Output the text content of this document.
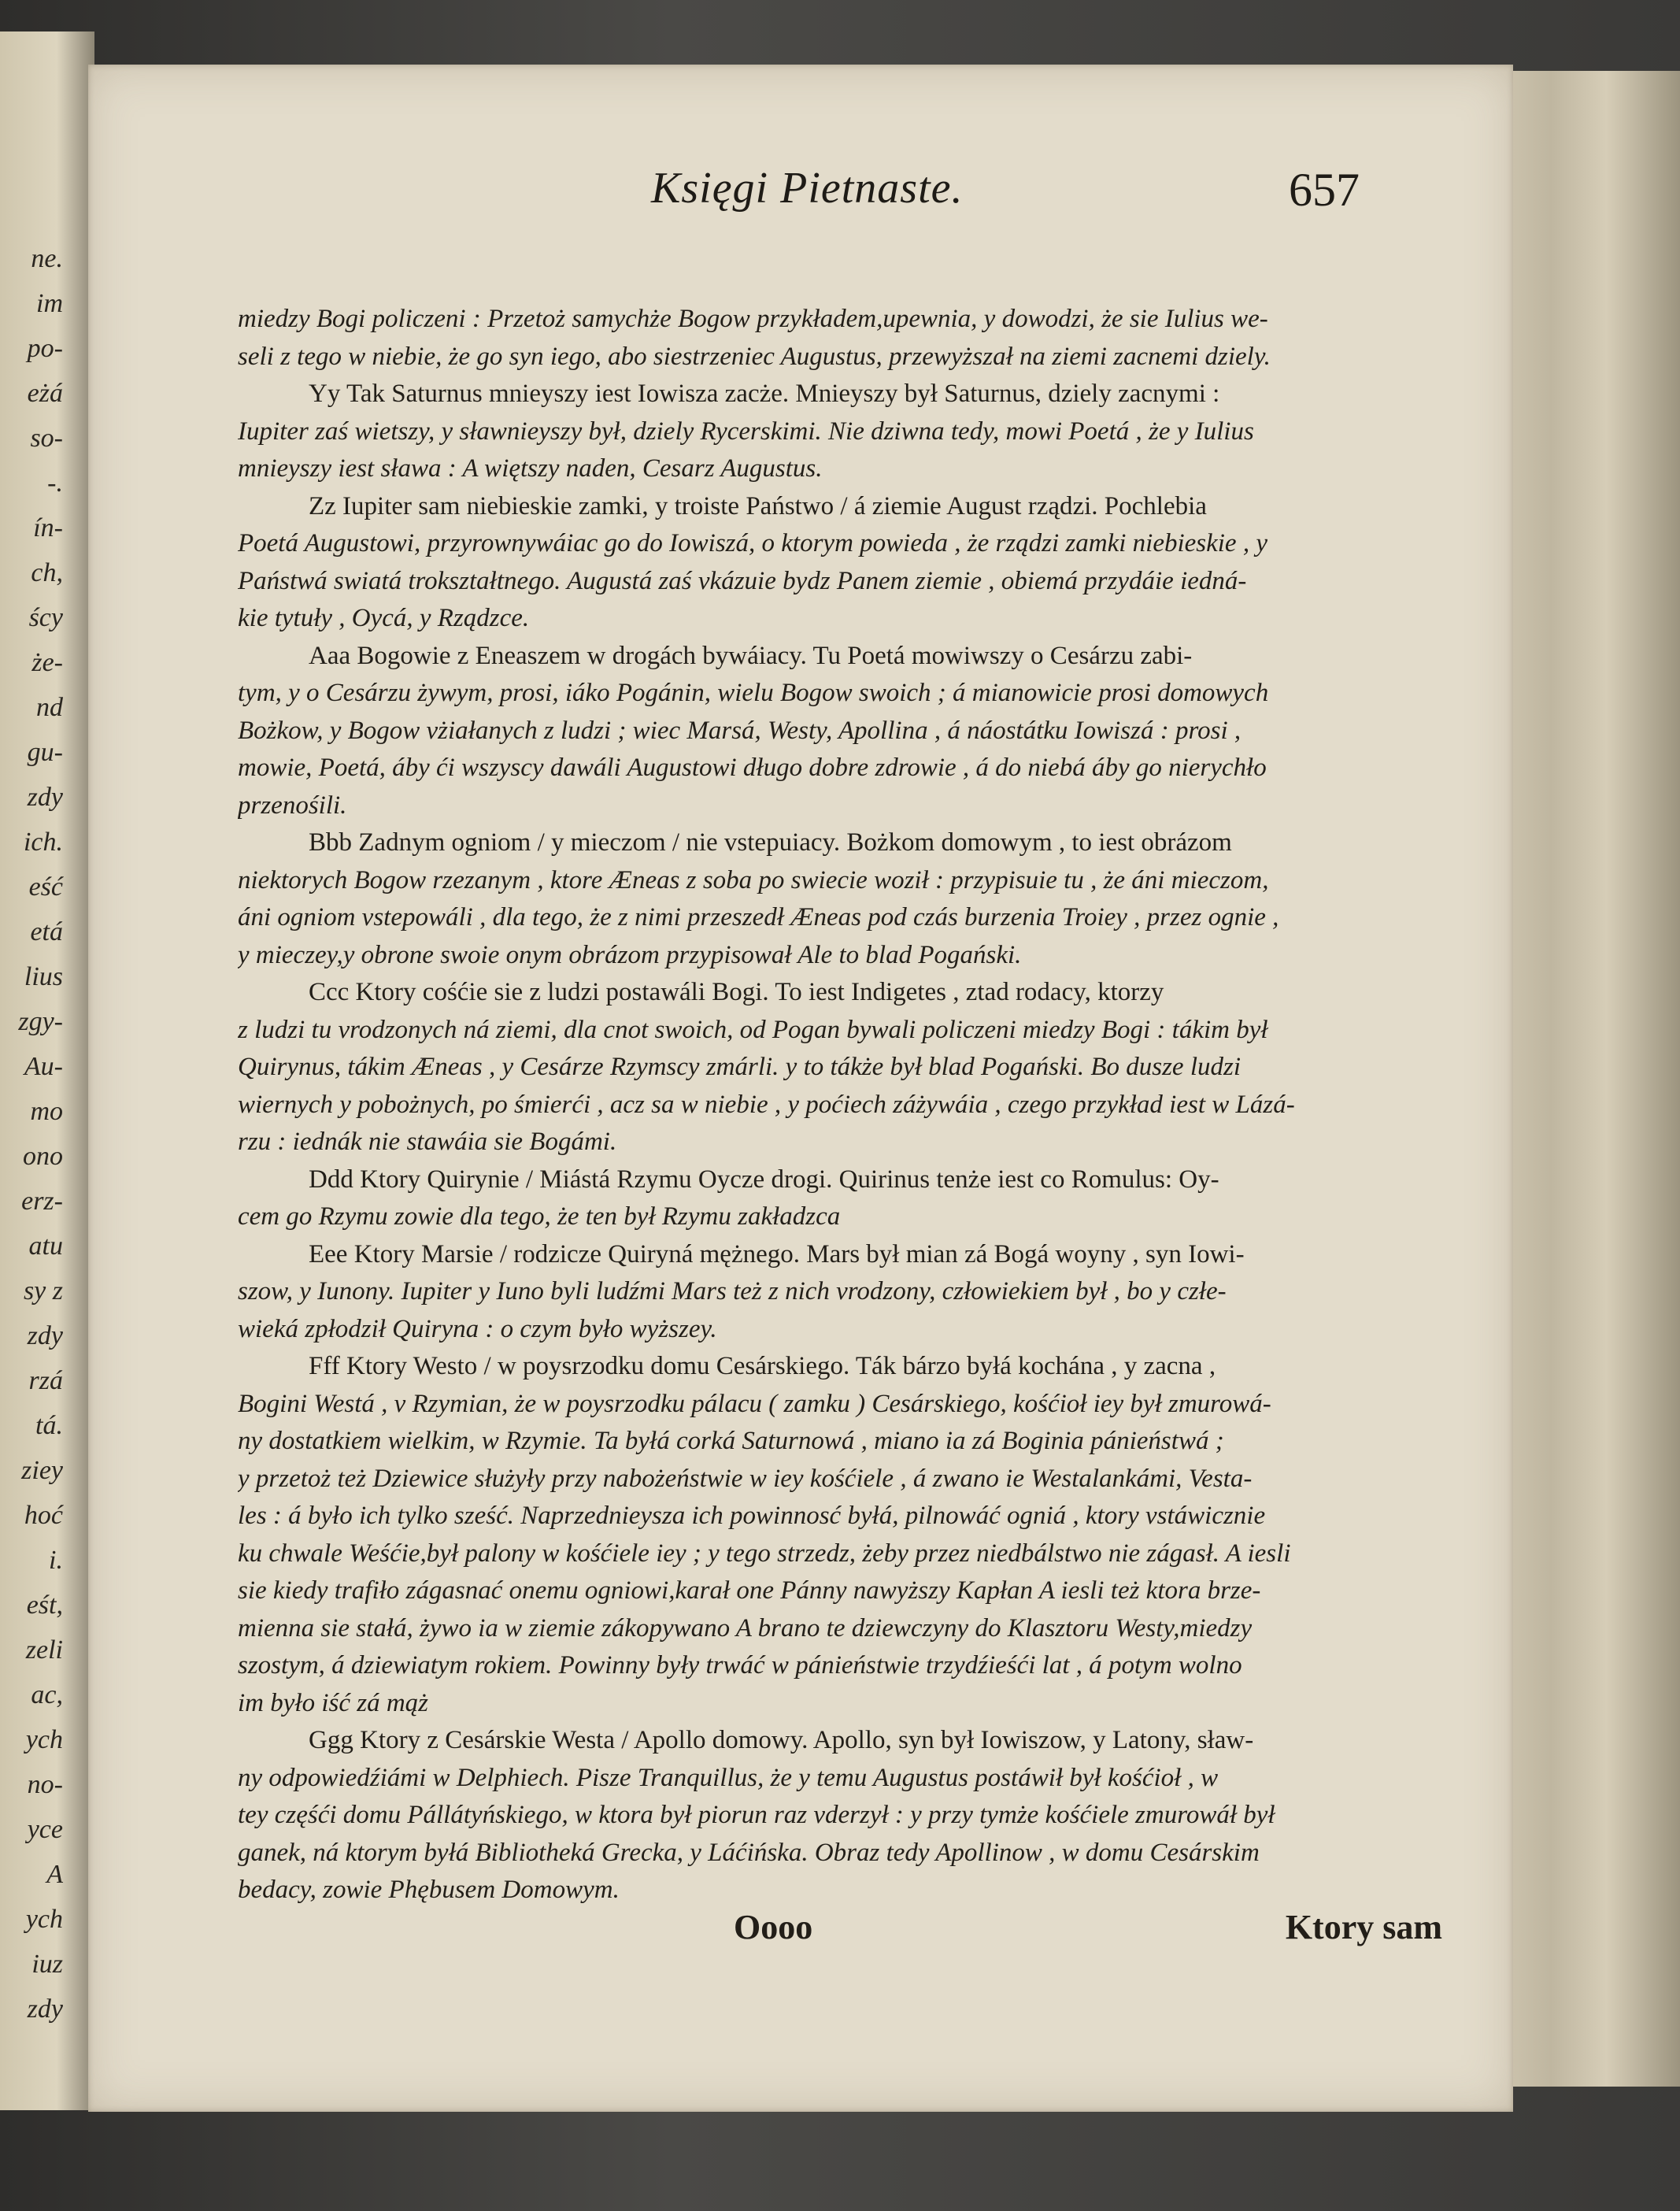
ne.
im
po-
eżá
so-
-.
ín-
ch,
ścy
że-
nd
gu-
zdy
ich.
eść
etá
lius
zgy-
Au-
mo
ono
erz-
atu
sy z
zdy
rzá
tá.
ziey
hoć
i.
eśt,
zeli
ac,
ych
no-
yce
A
ych
iuz
zdy
Księgi Pietnaste.	657
miedzy Bogi policzeni : Przetoż samychże Bogow przykładem,upewnia, y dowodzi, że sie Iulius we-
seli z tego w niebie, że go syn iego, abo siestrzeniec Augustus, przewyższał na ziemi zacnemi dziely.
Yy Tak Saturnus mnieyszy iest Iowisza zacże. Mnieyszy był Saturnus, dziely zacnymi :
Iupiter zaś wietszy, y sławnieyszy był, dziely Rycerskimi. Nie dziwna tedy, mowi Poetá , że y Iulius
mnieyszy iest sława : A więtszy naden, Cesarz Augustus.
Zz Iupiter sam niebieskie zamki, y troiste Państwo / á ziemie August rządzi. Pochlebia
Poetá Augustowi, przyrownywáiac go do Iowiszá, o ktorym powieda , że rządzi zamki niebieskie , y
Państwá swiatá trokształtnego. Augustá zaś vkázuie bydz Panem ziemie , obiemá przydáie iedná-
kie tytuły , Oycá, y Rządzce.
Aaa Bogowie z Eneaszem w drogách bywáiacy. Tu Poetá mowiwszy o Cesárzu zabi-
tym, y o Cesárzu żywym, prosi, iáko Pogánin, wielu Bogow swoich ; á mianowicie prosi domowych
Bożkow, y Bogow vżiałanych z ludzi ; wiec Marsá, Westy, Apollina , á náostátku Iowiszá : prosi ,
mowie, Poetá, áby ći wszyscy dawáli Augustowi długo dobre zdrowie , á do niebá áby go nierychło
przenośili.
Bbb Zadnym ogniom / y mieczom / nie vstepuiacy. Bożkom domowym , to iest obrázom
niektorych Bogow rzezanym , ktore Æneas z soba po swiecie woził : przypisuie tu , że áni mieczom,
áni ogniom vstepowáli , dla tego, że z nimi przeszedł Æneas pod czás burzenia Troiey , przez ognie ,
y mieczey,y obrone swoie onym obrázom przypisował Ale to blad Pogański.
Ccc Ktory cośćie sie z ludzi postawáli Bogi. To iest Indigetes , ztad rodacy, ktorzy
z ludzi tu vrodzonych ná ziemi, dla cnot swoich, od Pogan bywali policzeni miedzy Bogi : tákim był
Quirynus, tákim Æneas , y Cesárze Rzymscy zmárli. y to tákże był blad Pogański. Bo dusze ludzi
wiernych y pobożnych, po śmierći , acz sa w niebie , y poćiech záżywáia , czego przykład iest w Lázá-
rzu : iednák nie stawáia sie Bogámi.
Ddd Ktory Quirynie / Miástá Rzymu Oycze drogi. Quirinus tenże iest co Romulus: Oy-
cem go Rzymu zowie dla tego, że ten był Rzymu zakładzca
Eee Ktory Marsie / rodzicze Quiryná mężnego. Mars był mian zá Bogá woyny , syn Iowi-
szow, y Iunony. Iupiter y Iuno byli ludźmi Mars też z nich vrodzony, człowiekiem był , bo y człe-
wieká zpłodził Quiryna : o czym było wyższey.
Fff Ktory Westo / w poysrzodku domu Cesárskiego. Ták bárzo byłá kochána , y zacna ,
Bogini Westá , v Rzymian, że w poysrzodku pálacu ( zamku ) Cesárskiego, kośćioł iey był zmurowá-
ny dostatkiem wielkim, w Rzymie. Ta byłá corká Saturnowá , miano ia zá Boginia pánieństwá ;
y przetoż też Dziewice służyły przy nabożeństwie w iey kośćiele , á zwano ie Westalankámi, Vesta-
les : á było ich tylko sześć. Naprzednieysza ich powinnosć byłá, pilnowáć ogniá , ktory vstáwicznie
ku chwale Weśćie,był palony w kośćiele iey ; y tego strzedz, żeby przez niedbálstwo nie zágasł. A iesli
sie kiedy trafiło zágasnać onemu ogniowi,karał one Pánny nawyższy Kapłan A iesli też ktora brze-
mienna sie stałá, żywo ia w ziemie zákopywano A brano te dziewczyny do Klasztoru Westy,miedzy
szostym, á dziewiatym rokiem. Powinny były trwáć w pánieństwie trzydźieśći lat , á potym wolno
im było iść zá mąż
Ggg Ktory z Cesárskie Westa / Apollo domowy. Apollo, syn był Iowiszow, y Latony, sław-
ny odpowiedźiámi w Delphiech. Pisze Tranquillus, że y temu Augustus postáwił był kośćioł , w
tey częśći domu Pállátyńskiego, w ktora był piorun raz vderzył : y przy tymże kośćiele zmurowáł był
ganek, ná ktorym byłá Bibliotheká Grecka, y Láćińska. Obraz tedy Apollinow , w domu Cesárskim
bedacy, zowie Phębusem Domowym.
Oooo	Ktory sam
